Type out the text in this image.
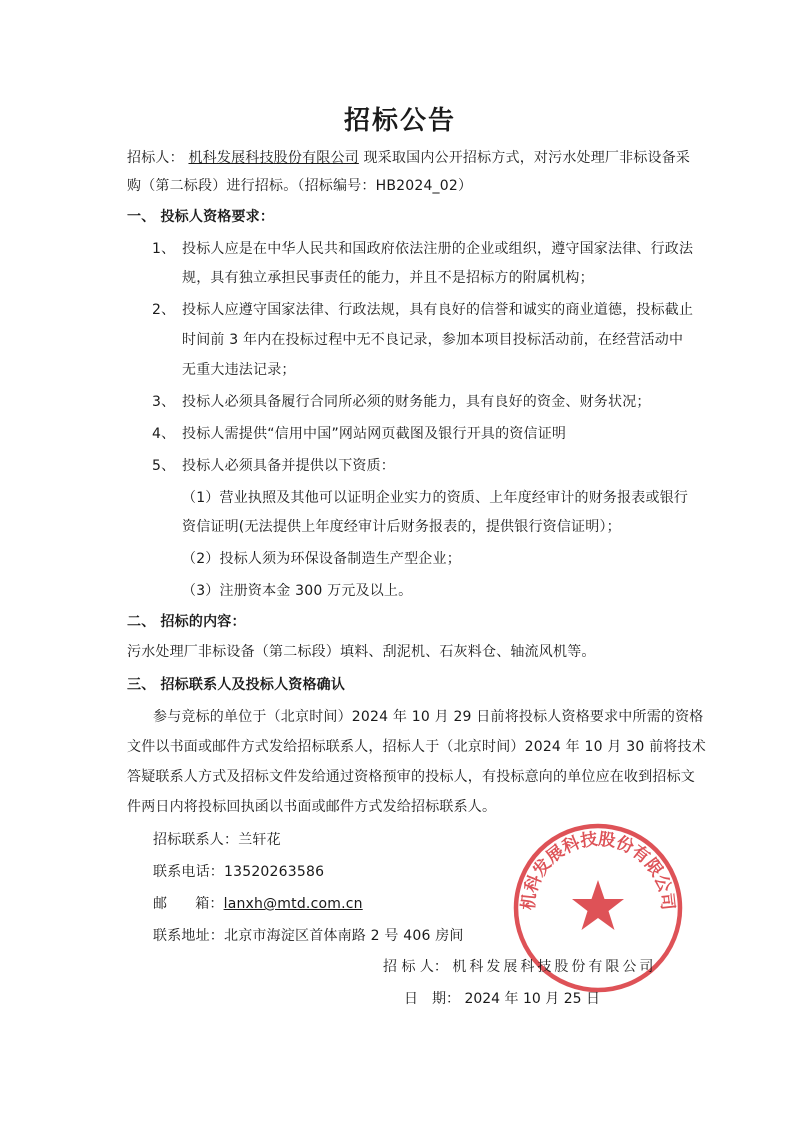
招标公告
招标人： 机科发展科技股份有限公司 现采取国内公开招标方式，对污水处理厂非标设备采
购（第二标段）进行招标。（招标编号：HB2024_02）
一、 投标人资格要求：
1、 投标人应是在中华人民共和国政府依法注册的企业或组织，遵守国家法律、行政法
规，具有独立承担民事责任的能力，并且不是招标方的附属机构；
2、 投标人应遵守国家法律、行政法规，具有良好的信誉和诚实的商业道德，投标截止
时间前 3 年内在投标过程中无不良记录，参加本项目投标活动前，在经营活动中
无重大违法记录；
3、 投标人必须具备履行合同所必须的财务能力，具有良好的资金、财务状况；
4、 投标人需提供“信用中国”网站网页截图及银行开具的资信证明
5、 投标人必须具备并提供以下资质：
（1）营业执照及其他可以证明企业实力的资质、上年度经审计的财务报表或银行
资信证明(无法提供上年度经审计后财务报表的，提供银行资信证明）；
（2）投标人须为环保设备制造生产型企业；
（3）注册资本金 300 万元及以上。
二、 招标的内容：
污水处理厂非标设备（第二标段）填料、刮泥机、石灰料仓、轴流风机等。
三、 招标联系人及投标人资格确认
参与竞标的单位于（北京时间）2024 年 10 月 29 日前将投标人资格要求中所需的资格
文件以书面或邮件方式发给招标联系人，招标人于（北京时间）2024 年 10 月 30 前将技术
答疑联系人方式及招标文件发给通过资格预审的投标人，有投标意向的单位应在收到招标文
件两日内将投标回执函以书面或邮件方式发给招标联系人。
招标联系人：兰轩花
联系电话：13520263586
邮 箱：lanxh@mtd.com.cn
联系地址：北京市海淀区首体南路 2 号 406 房间
机科发展科技股份有限公司
招 标 人： 机科发展科技股份有限公司
日　期： 2024 年 10 月 25 日
